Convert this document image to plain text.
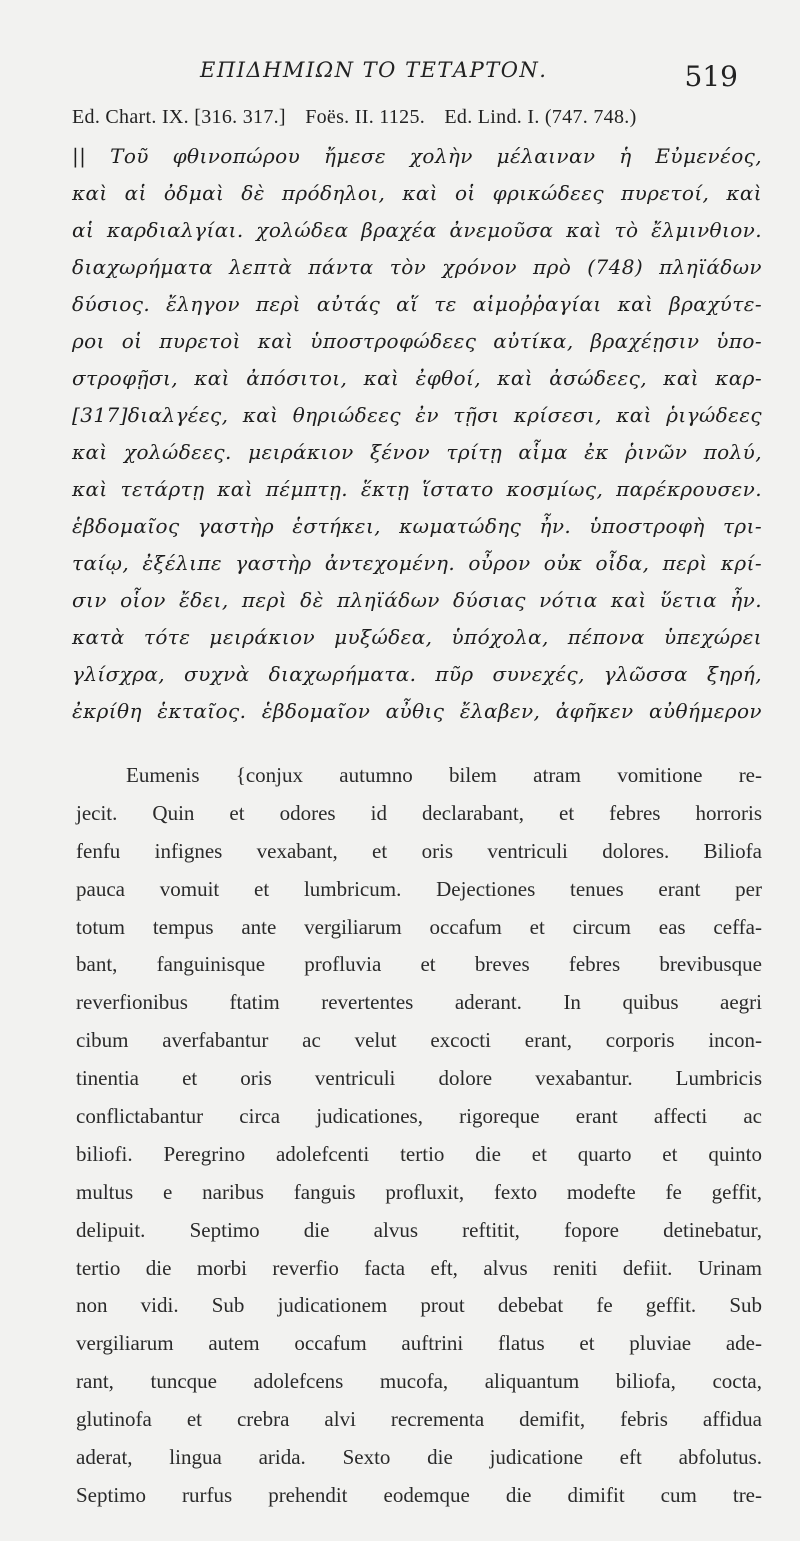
ΕΠΙΔΗΜΙΩΝ ΤΟ ΤΕΤΑΡΤΟΝ.	519
Ed. Chart. IX. [316. 317.] Foës. II. 1125. Ed. Lind. I. (747. 748.)
|| Τοῦ φθινοπώρου ἤμεσε χολὴν μέλαιναν ἡ Εὐμενέος,
καὶ αἱ ὀδμαὶ δὲ πρόδηλοι, καὶ οἱ φρικώδεες πυρετοί, καὶ
αἱ καρδιαλγίαι. χολώδεα βραχέα ἀνεμοῦσα καὶ τὸ ἔλμινθιον.
διαχωρήματα λεπτὰ πάντα τὸν χρόνον πρὸ (748) πληϊάδων
δύσιος. ἔληγον περὶ αὐτάς αἵ τε αἱμοῤῥαγίαι καὶ βραχύτε-
ροι οἱ πυρετοὶ καὶ ὑποστροφώδεες αὐτίκα, βραχέῃσιν ὑπο-
στροφῇσι, καὶ ἀπόσιτοι, καὶ ἐφθοί, καὶ ἀσώδεες, καὶ καρ-
[317]διαλγέες, καὶ θηριώδεες ἐν τῇσι κρίσεσι, καὶ ῥιγώδεες
καὶ χολώδεες. μειράκιον ξένον τρίτῃ αἷμα ἐκ ῥινῶν πολύ,
καὶ τετάρτῃ καὶ πέμπτῃ. ἕκτῃ ἵστατο κοσμίως, παρέκρουσεν.
ἑβδομαῖος γαστὴρ ἑστήκει, κωματώδης ἦν. ὑποστροφὴ τρι-
ταίῳ, ἐξέλιπε γαστὴρ ἀντεχομένη. οὖρον οὐκ οἶδα, περὶ κρί-
σιν οἷον ἔδει, περὶ δὲ πληϊάδων δύσιας νότια καὶ ὕετια ἦν.
κατὰ τότε μειράκιον μυξώδεα, ὑπόχολα, πέπονα ὑπεχώρει
γλίσχρα, συχνὰ διαχωρήματα. πῦρ συνεχές, γλῶσσα ξηρή,
ἐκρίθη ἑκταῖος. ἑβδομαῖον αὖθις ἔλαβεν, ἀφῆκεν αὐθήμερον
Eumenis {conjux autumno bilem atram vomitione re-
jecit. Quin et odores id declarabant, et febres horroris
fenfu infignes vexabant, et oris ventriculi dolores. Biliofa
pauca vomuit et lumbricum. Dejectiones tenues erant per
totum tempus ante vergiliarum occafum et circum eas ceffa-
bant, fanguinisque profluvia et breves febres brevibusque
reverfionibus ftatim revertentes aderant. In quibus aegri
cibum averfabantur ac velut excocti erant, corporis incon-
tinentia et oris ventriculi dolore vexabantur. Lumbricis
conflictabantur circa judicationes, rigoreque erant affecti ac
biliofi. Peregrino adolefcenti tertio die et quarto et quinto
multus e naribus fanguis profluxit, fexto modefte fe geffit,
delipuit. Septimo die alvus reftitit, fopore detinebatur,
tertio die morbi reverfio facta eft, alvus reniti defiit. Urinam
non vidi. Sub judicationem prout debebat fe geffit. Sub
vergiliarum autem occafum auftrini flatus et pluviae ade-
rant, tuncque adolefcens mucofa, aliquantum biliofa, cocta,
glutinofa et crebra alvi recrementa demifit, febris affidua
aderat, lingua arida. Sexto die judicatione eft abfolutus.
Septimo rurfus prehendit eodemque die dimifit cum tre-
